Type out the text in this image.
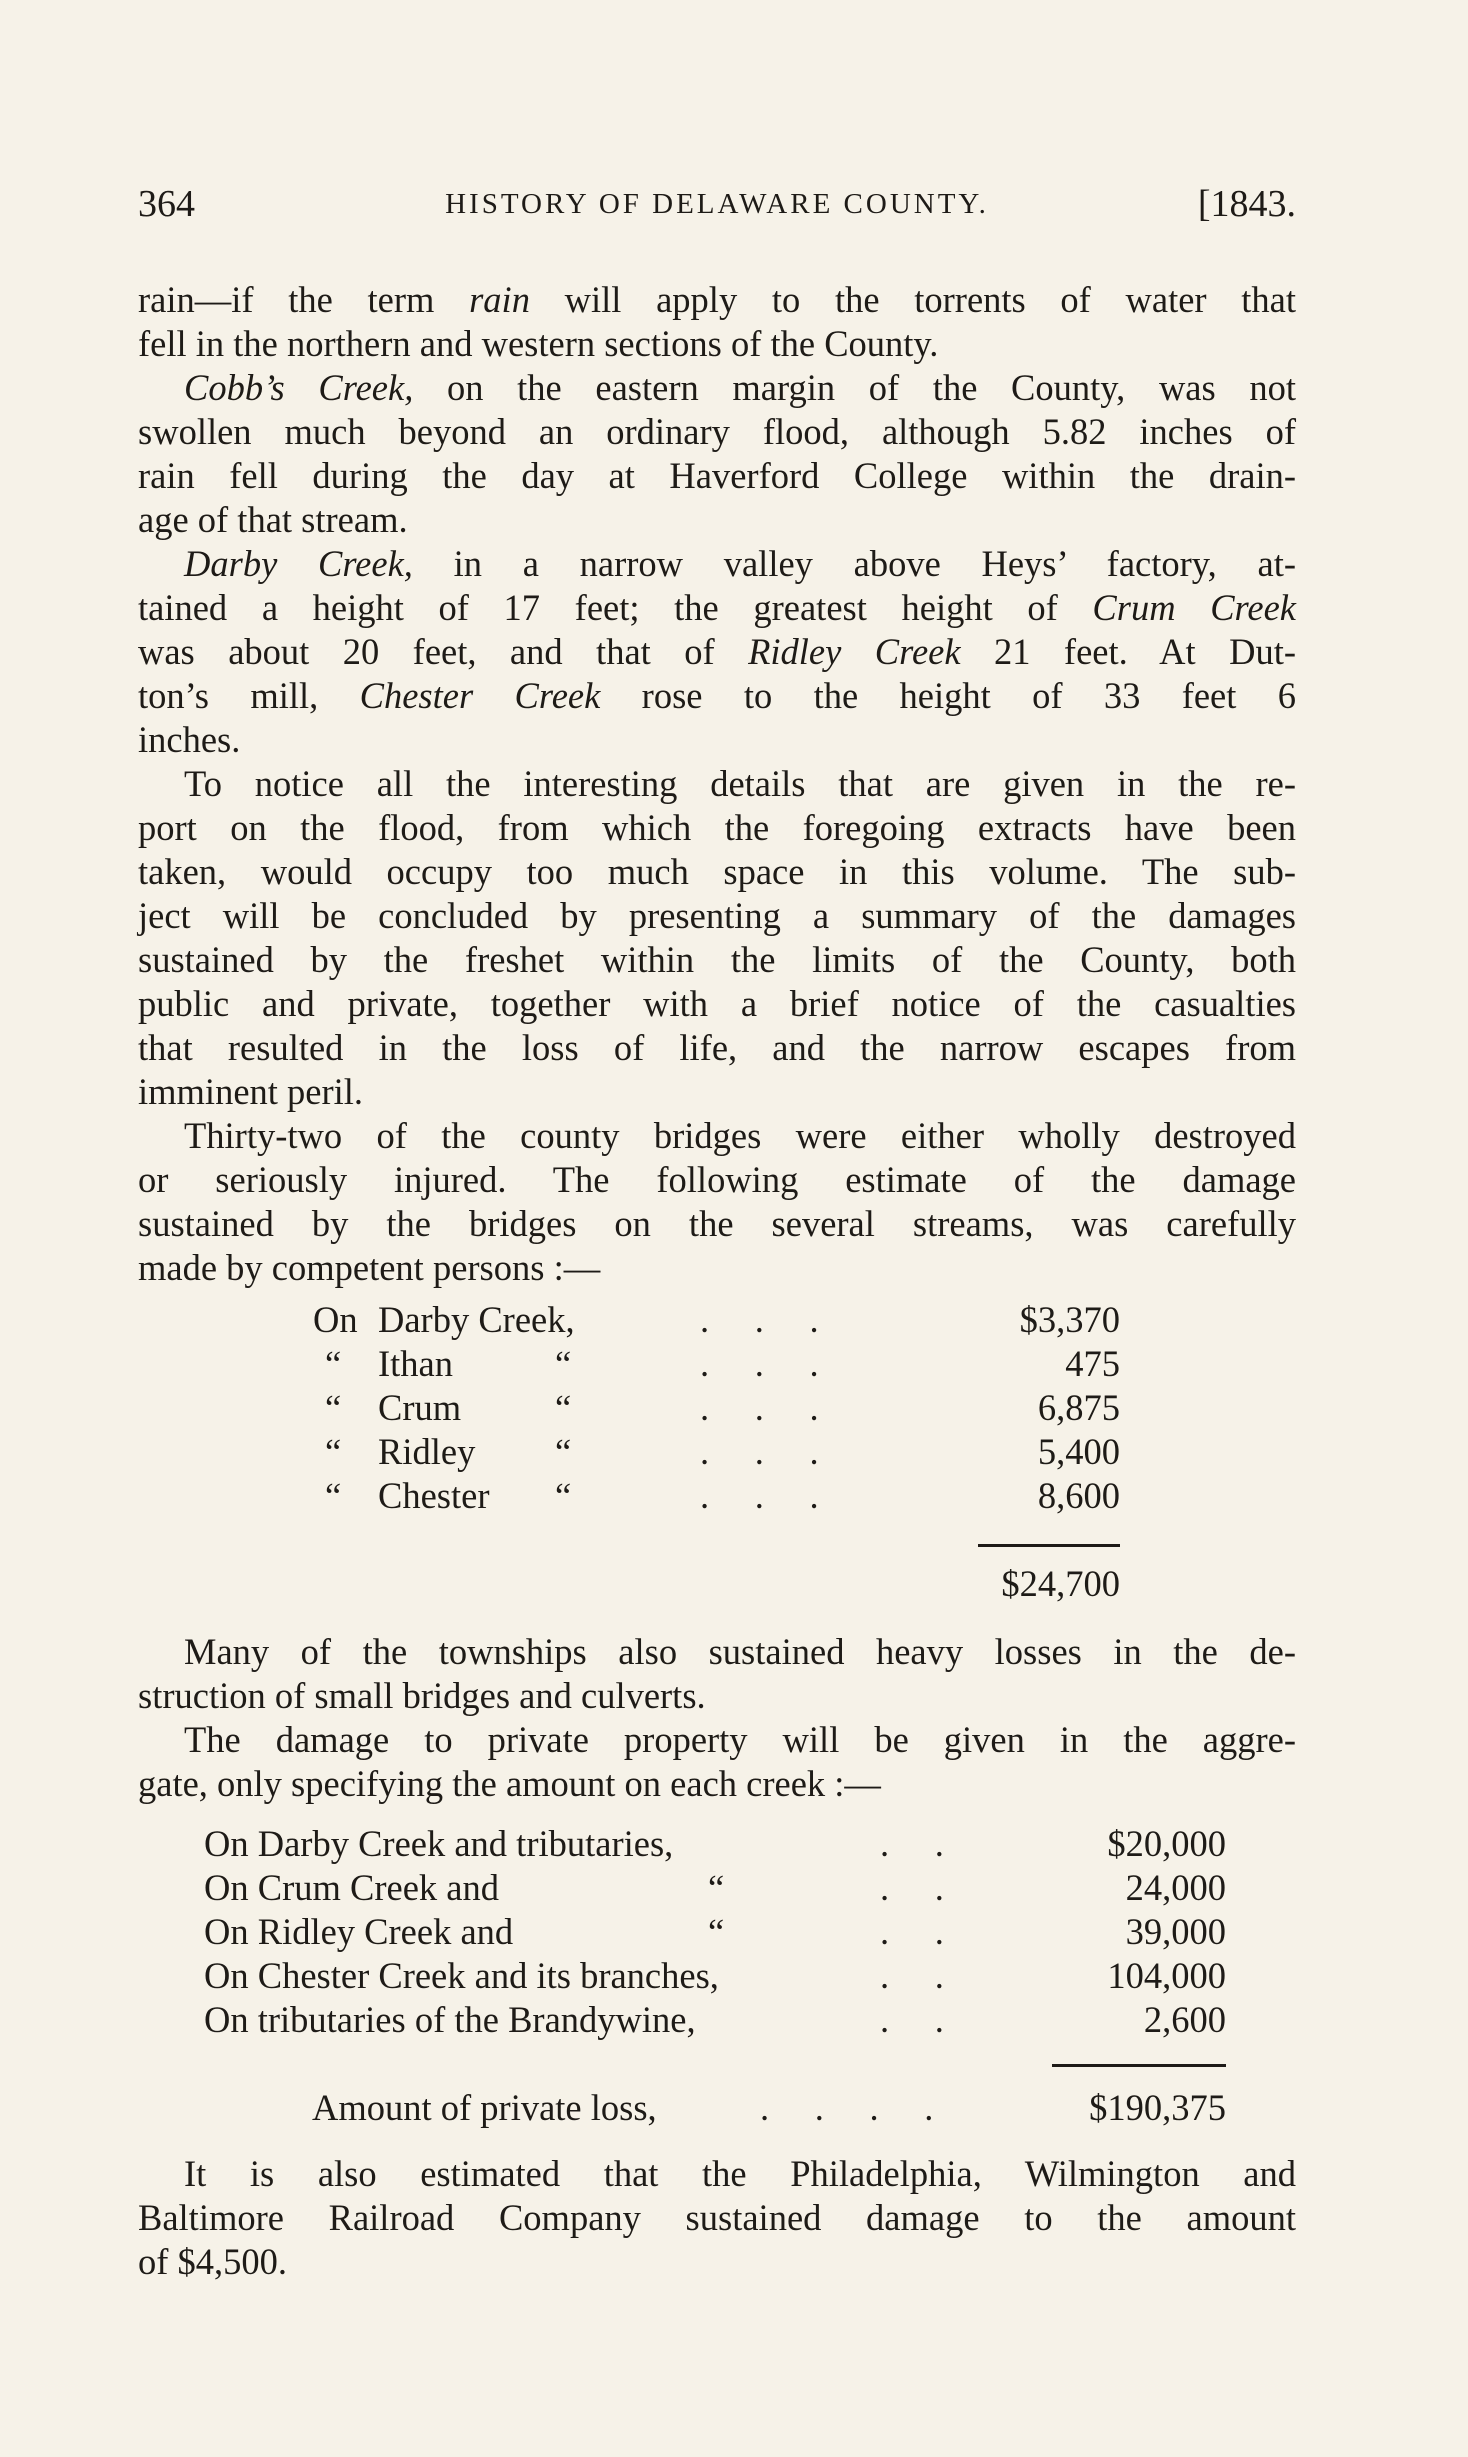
364	HISTORY OF DELAWARE COUNTY.	[1843.
rain—if the term rain will apply to the torrents of water that
fell in the northern and western sections of the County.
Cobb’s Creek, on the eastern margin of the County, was not
swollen much beyond an ordinary flood, although 5.82 inches of
rain fell during the day at Haverford College within the drain-
age of that stream.
Darby Creek, in a narrow valley above Heys’ factory, at-
tained a height of 17 feet; the greatest height of Crum Creek
was about 20 feet, and that of Ridley Creek 21 feet. At Dut-
ton’s mill, Chester Creek rose to the height of 33 feet 6
inches.
To notice all the interesting details that are given in the re-
port on the flood, from which the foregoing extracts have been
taken, would occupy too much space in this volume. The sub-
ject will be concluded by presenting a summary of the damages
sustained by the freshet within the limits of the County, both
public and private, together with a brief notice of the casualties
that resulted in the loss of life, and the narrow escapes from
imminent peril.
Thirty-two of the county bridges were either wholly destroyed
or seriously injured. The following estimate of the damage
sustained by the bridges on the several streams, was carefully
made by competent persons :—
On Darby Creek,	.     .     .	$3,370
“ Ithan	“	.     .     .	475
“ Crum	“	.     .     .	6,875
“ Ridley “	.     .     .	5,400
“ Chester “	.     .     .	8,600
$24,700
Many of the townships also sustained heavy losses in the de-
struction of small bridges and culverts.
The damage to private property will be given in the aggre-
gate, only specifying the amount on each creek :—
On Darby Creek and tributaries,	.     .	$20,000
On Crum Creek and	“	.     .	24,000
On Ridley Creek and	“	.     .	39,000
On Chester Creek and its branches,	.     .	104,000
On tributaries of the Brandywine,	.     .	2,600
Amount of private loss,	.     .     .     .	$190,375
It is also estimated that the Philadelphia, Wilmington and
Baltimore Railroad Company sustained damage to the amount
of $4,500.
